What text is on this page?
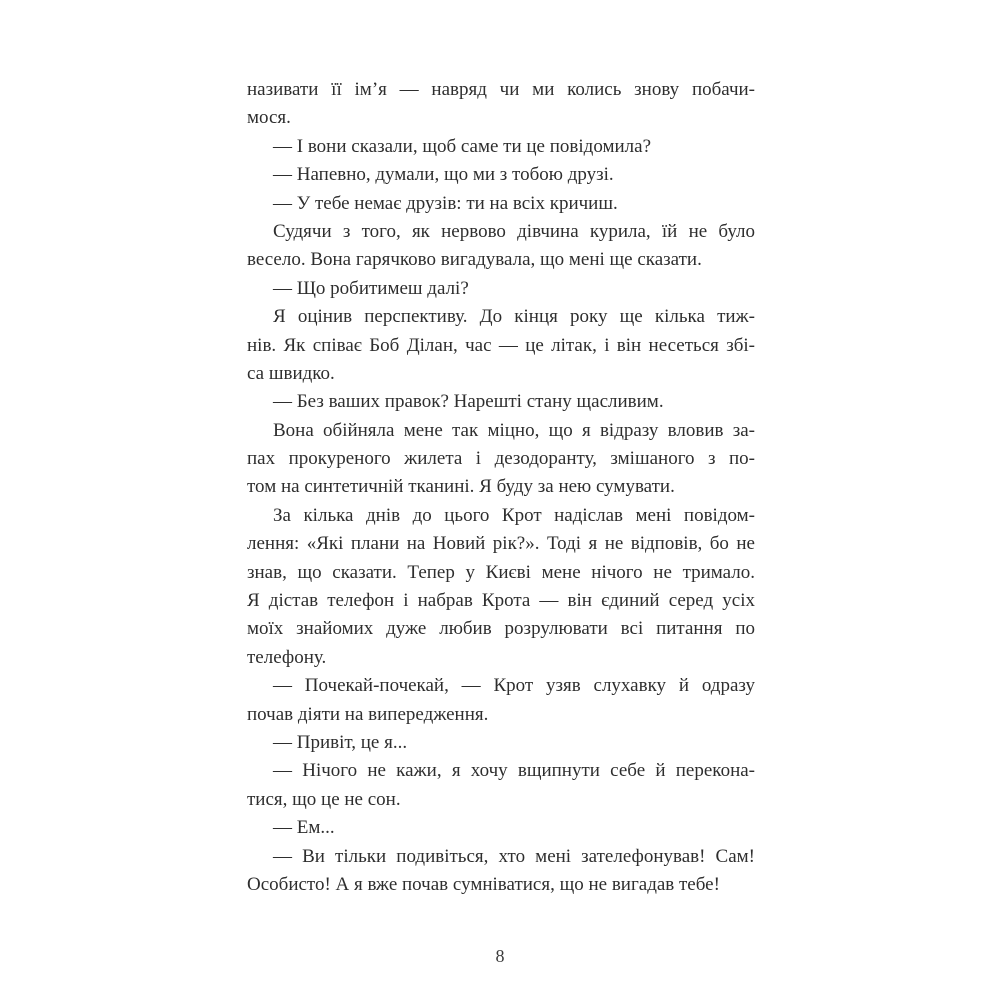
називати її ім’я — навряд чи ми колись знову побачи-
мося.
— І вони сказали, щоб саме ти це повідомила?
— Напевно, думали, що ми з тобою друзі.
— У тебе немає друзів: ти на всіх кричиш.
Судячи з того, як нервово дівчина курила, їй не було
весело. Вона гарячково вигадувала, що мені ще сказати.
— Що робитимеш далі?
Я оцінив перспективу. До кінця року ще кілька тиж-
нів. Як співає Боб Ділан, час — це літак, і він несеться збі-
са швидко.
— Без ваших правок? Нарешті стану щасливим.
Вона обійняла мене так міцно, що я відразу вловив за-
пах прокуреного жилета і дезодоранту, змішаного з по-
том на синтетичній тканині. Я буду за нею сумувати.
За кілька днів до цього Крот надіслав мені повідом-
лення: «Які плани на Новий рік?». Тоді я не відповів, бо не
знав, що сказати. Тепер у Києві мене нічого не тримало.
Я дістав телефон і набрав Крота — він єдиний серед усіх
моїх знайомих дуже любив розрулювати всі питання по
телефону.
— Почекай-почекай, — Крот узяв слухавку й одразу
почав діяти на випередження.
— Привіт, це я...
— Нічого не кажи, я хочу вщипнути себе й перекона-
тися, що це не сон.
— Ем...
— Ви тільки подивіться, хто мені зателефонував! Сам!
Особисто! А я вже почав сумніватися, що не вигадав тебе!
8
